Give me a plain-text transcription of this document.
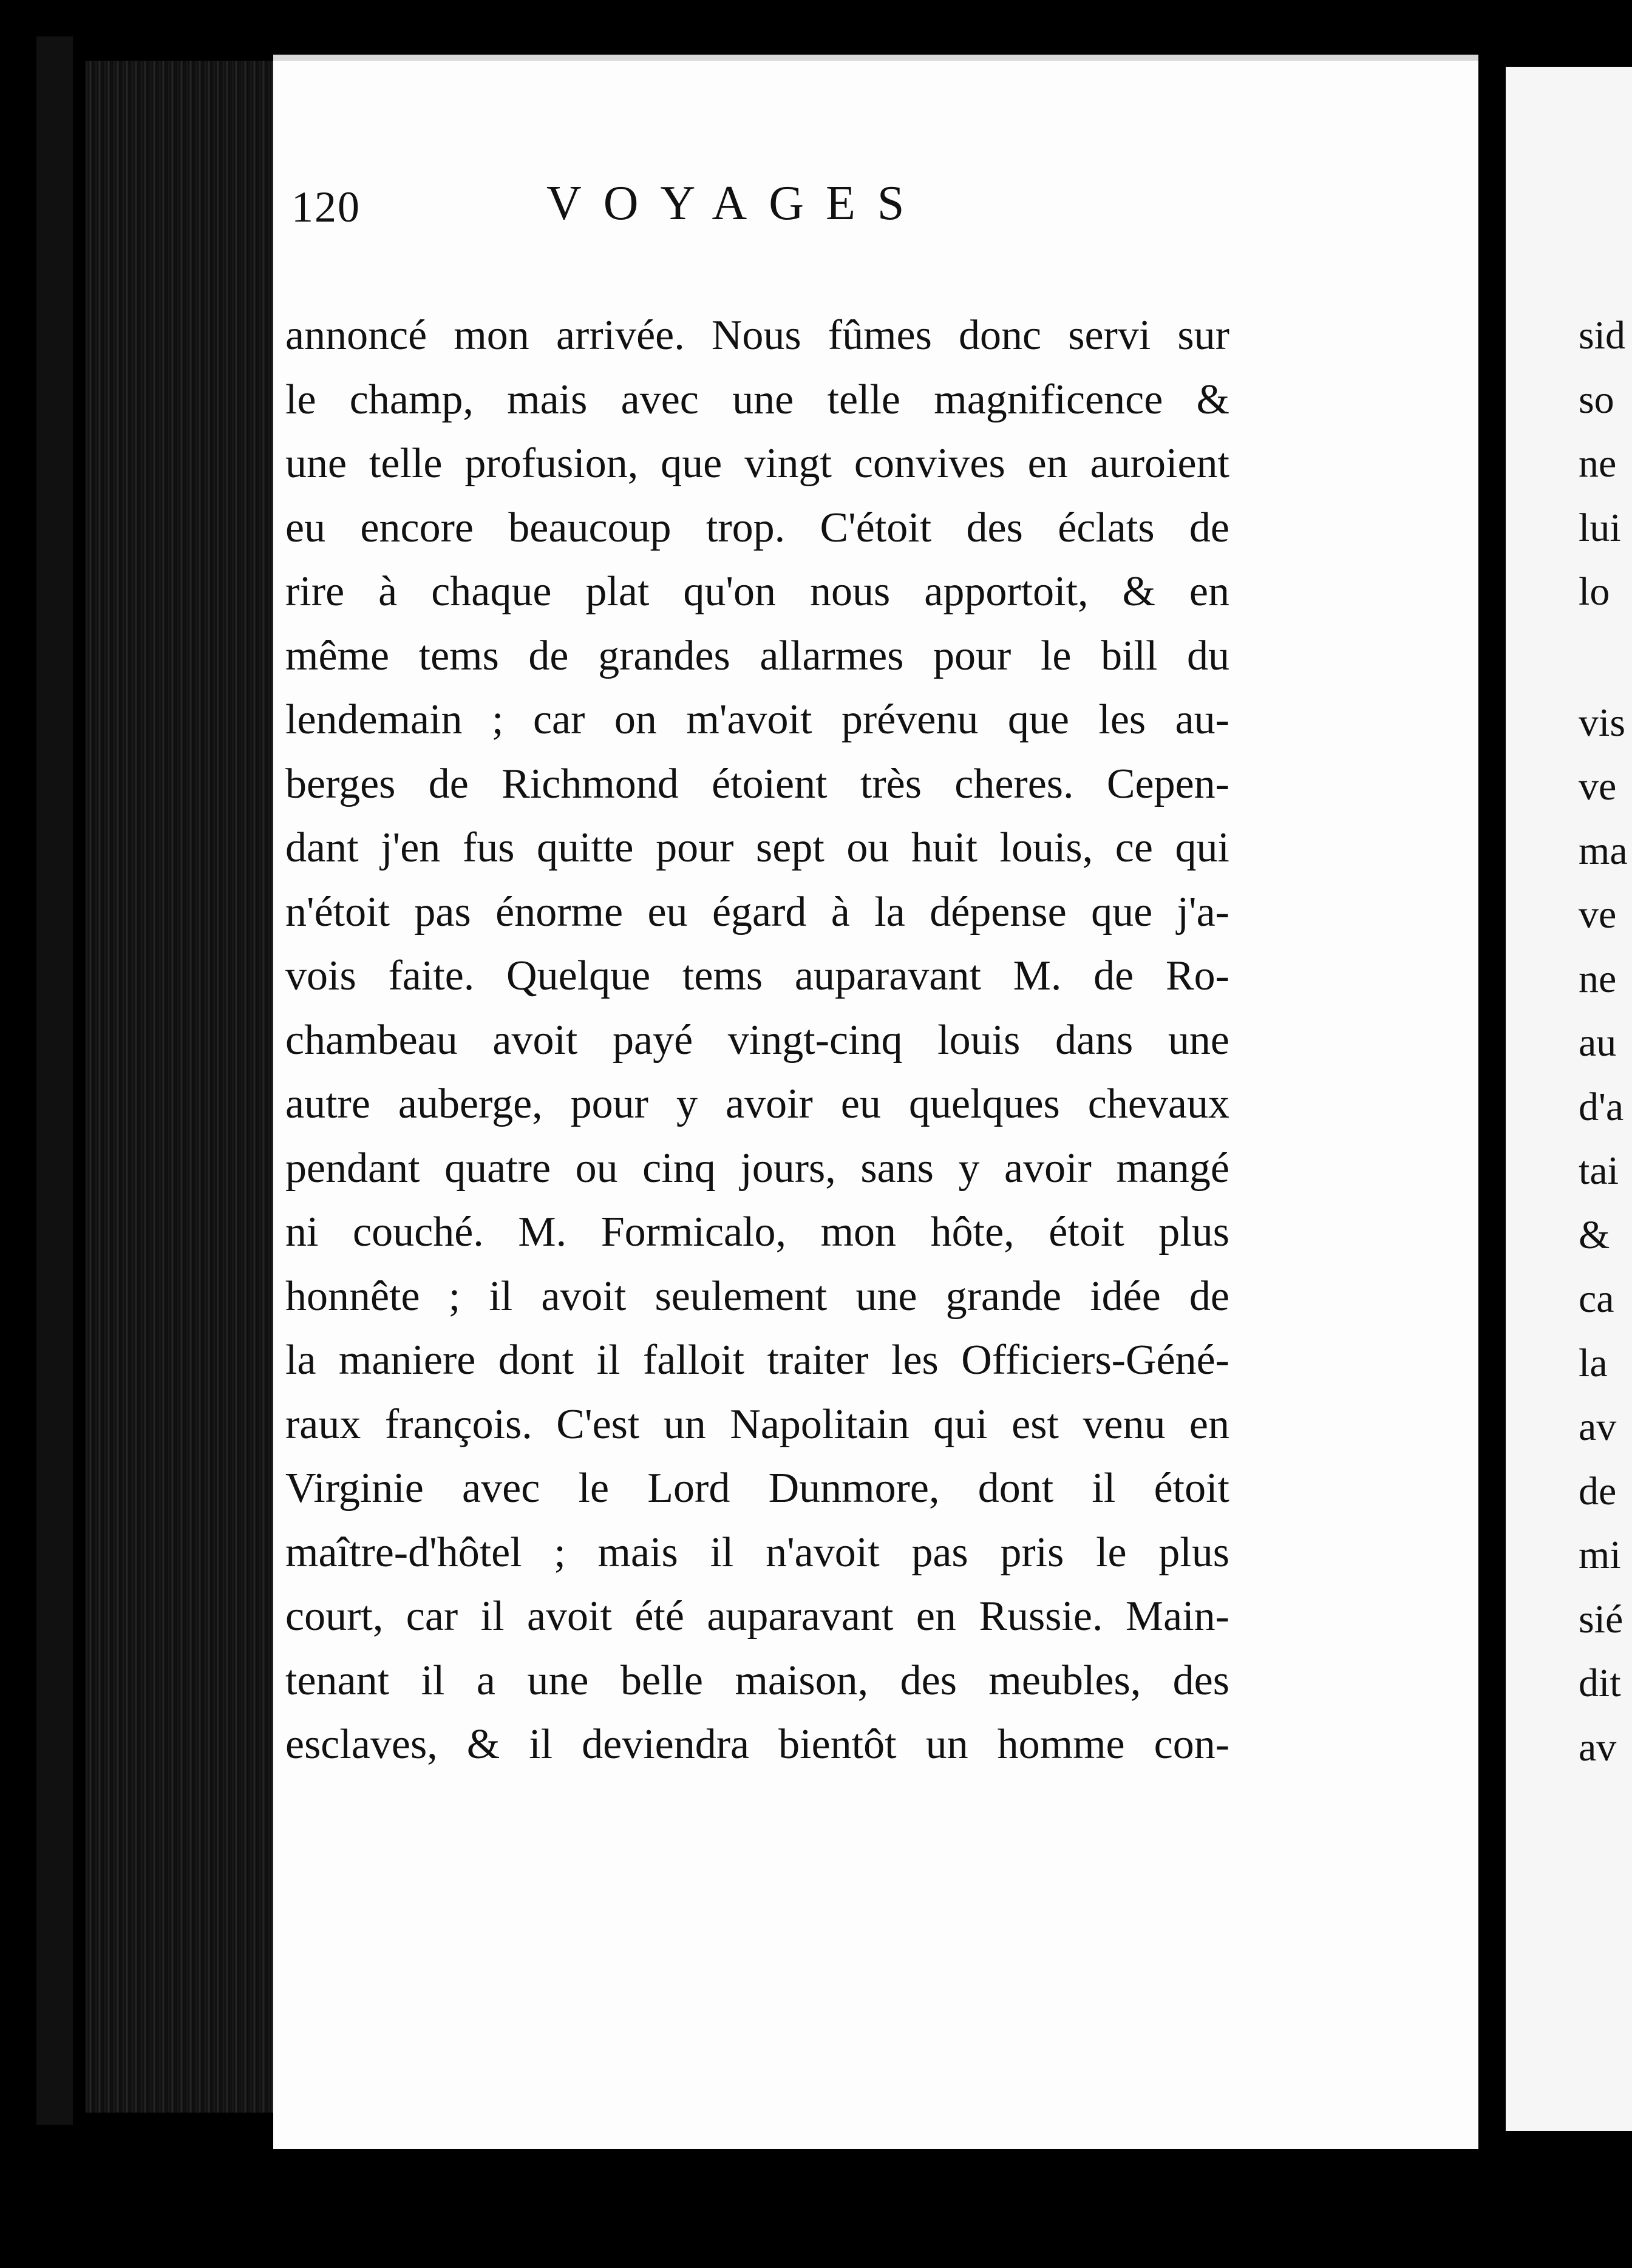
120	VOYAGES
annoncé mon arrivée. Nous fûmes donc servi sur
le champ, mais avec une telle magnificence &
une telle profusion, que vingt convives en auroient
eu encore beaucoup trop. C'étoit des éclats de
rire à chaque plat qu'on nous apportoit, & en
même tems de grandes allarmes pour le bill du
lendemain ; car on m'avoit prévenu que les au-
berges de Richmond étoient très cheres. Cepen-
dant j'en fus quitte pour sept ou huit louis, ce qui
n'étoit pas énorme eu égard à la dépense que j'a-
vois faite. Quelque tems auparavant M. de Ro-
chambeau avoit payé vingt-cinq louis dans une
autre auberge, pour y avoir eu quelques chevaux
pendant quatre ou cinq jours, sans y avoir mangé
ni couché. M. Formicalo, mon hôte, étoit plus
honnête ; il avoit seulement une grande idée de
la maniere dont il falloit traiter les Officiers-Géné-
raux françois. C'est un Napolitain qui est venu en
Virginie avec le Lord Dunmore, dont il étoit
maître-d'hôtel ; mais il n'avoit pas pris le plus
court, car il avoit été auparavant en Russie. Main-
tenant il a une belle maison, des meubles, des
esclaves, & il deviendra bientôt un homme con-
sid
so
ne
lui
lo
vis
ve
ma
ve
ne
au
d'a
tai
&
ca
la
av
de
mi
sié
dit
av
